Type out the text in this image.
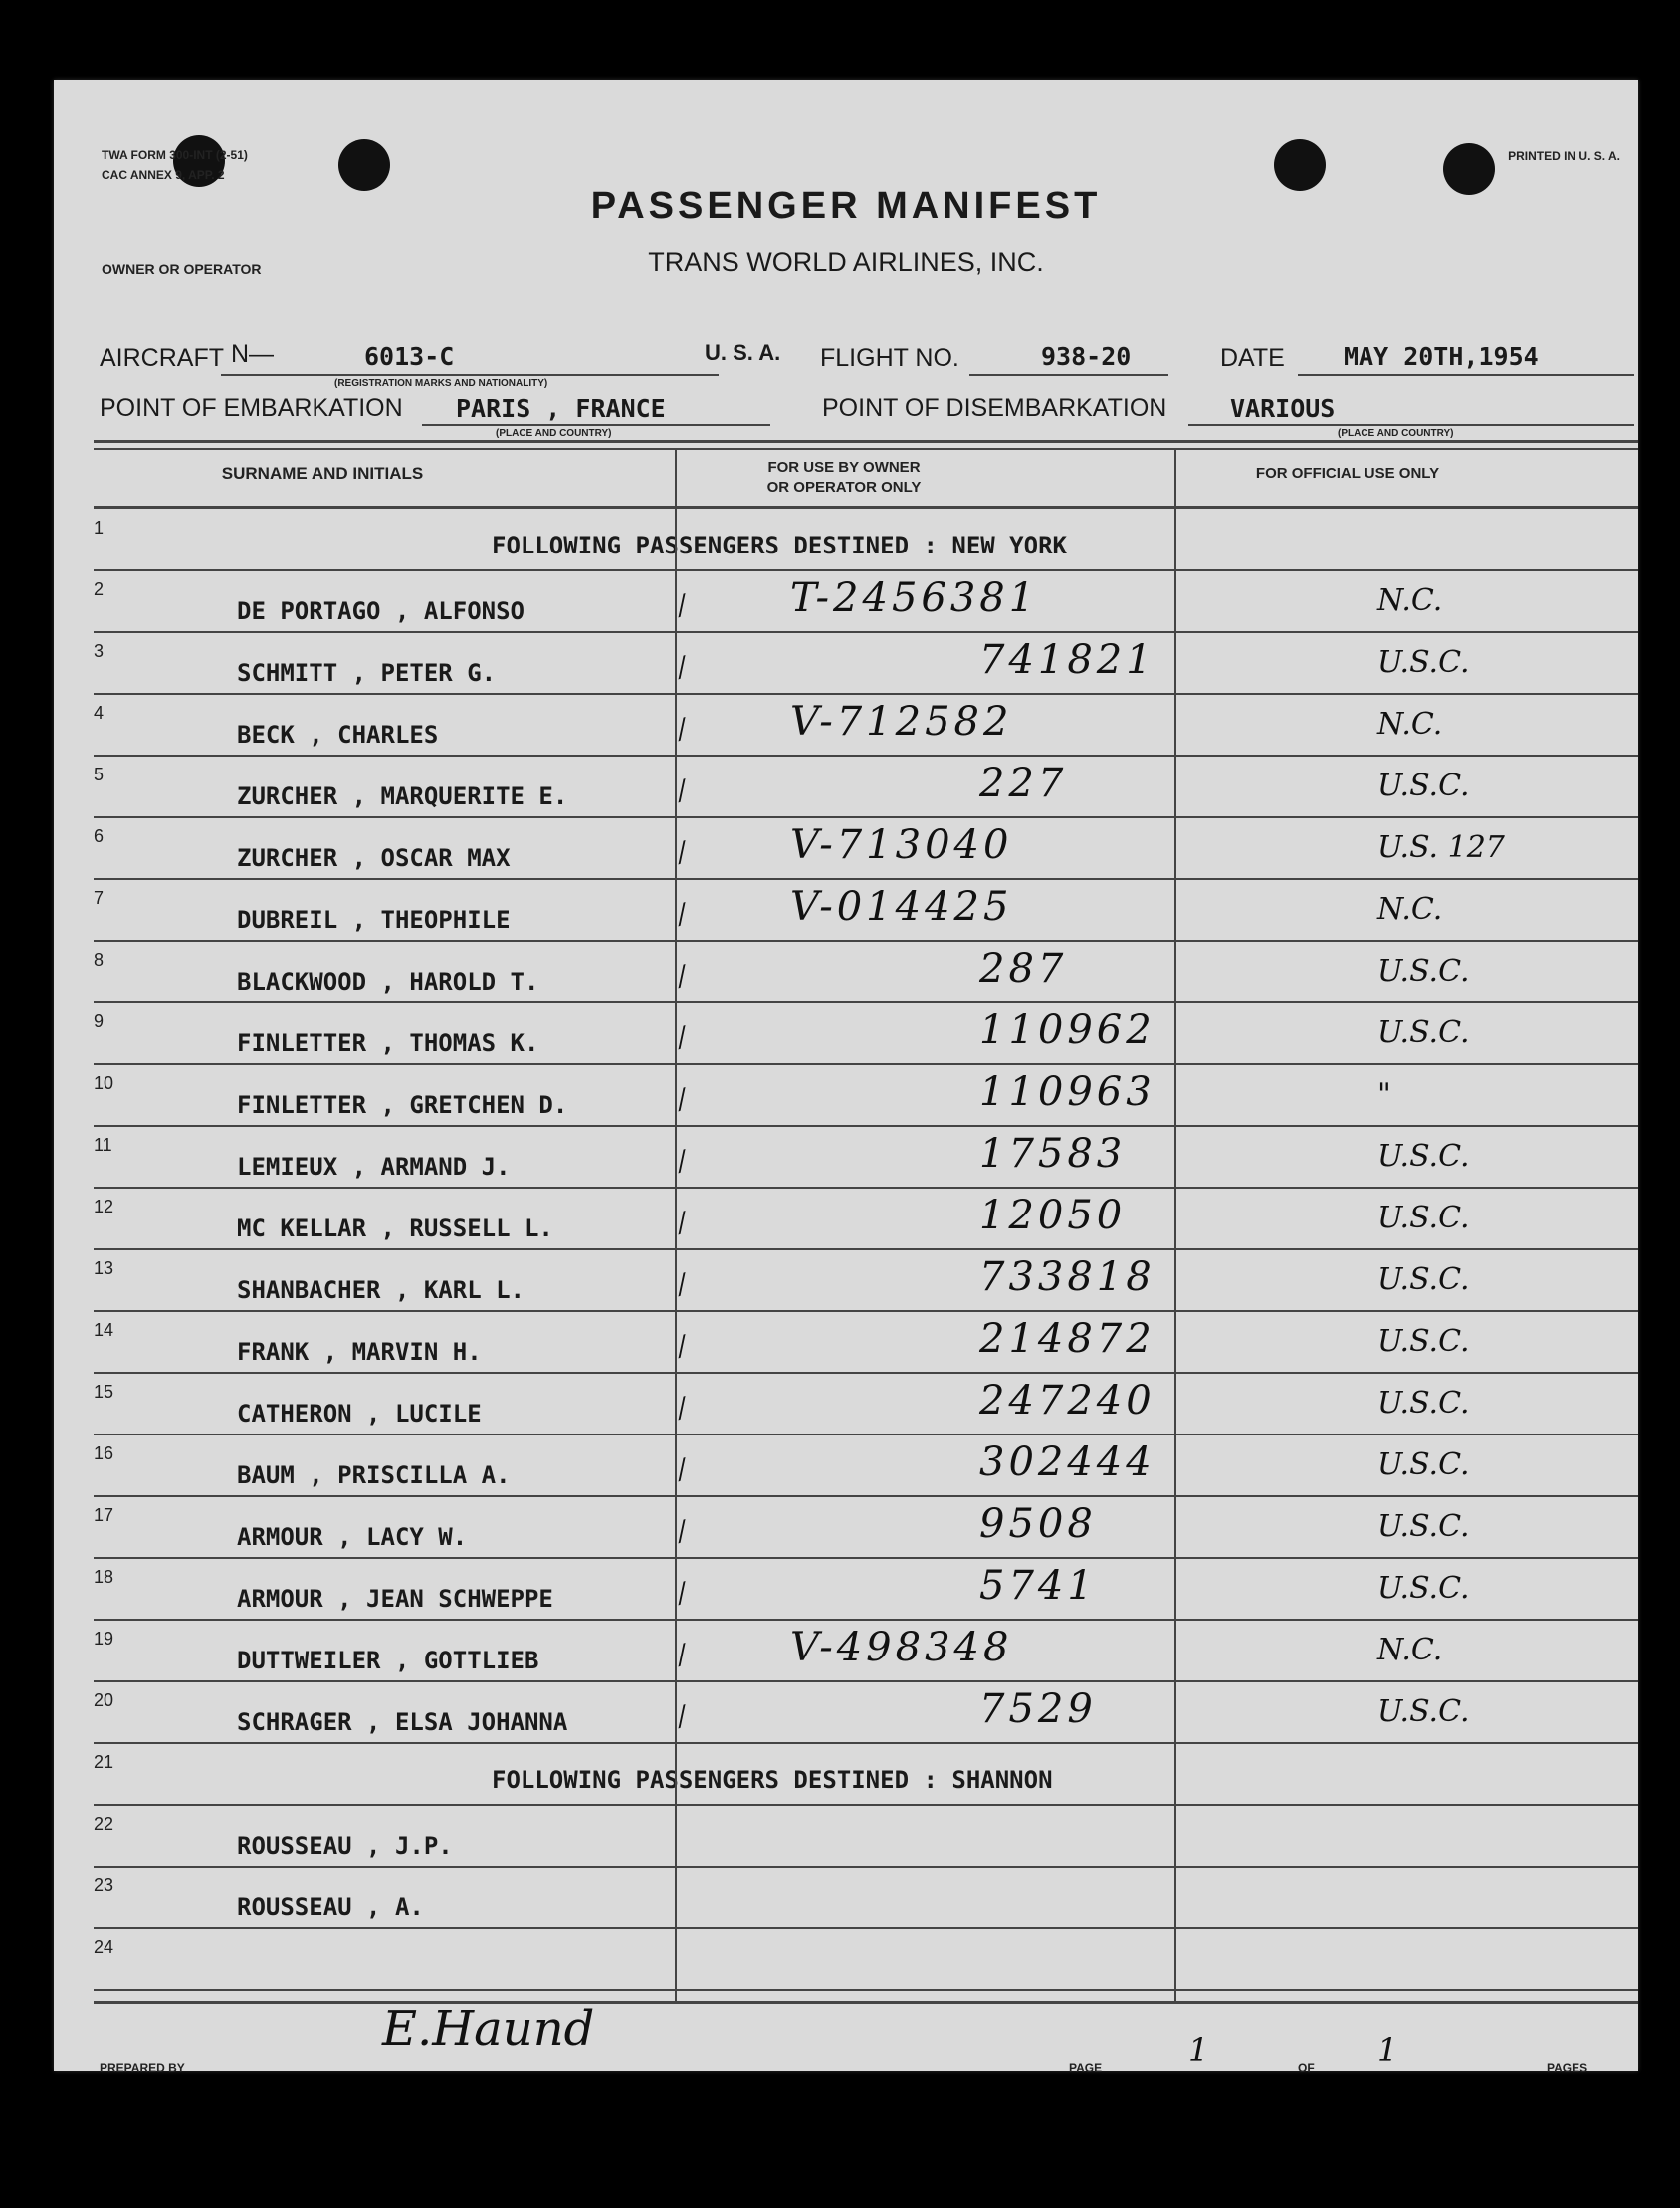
TWA FORM 300-INT (2-51)
CAC ANNEX 9, APP. 2
PRINTED IN U. S. A.
OWNER OR OPERATOR
PASSENGER MANIFEST
TRANS WORLD AIRLINES, INC.
AIRCRAFT N—	6013-C
(REGISTRATION MARKS AND NATIONALITY)
U. S. A. FLIGHT NO.	938-20	DATE MAY 20TH,1954
POINT OF EMBARKATION PARIS , FRANCE
(PLACE AND COUNTRY)
POINT OF DISEMBARKATION	VARIOUS
(PLACE AND COUNTRY)
SURNAME AND INITIALS	FOR USE BY OWNER
OR OPERATOR ONLY
FOR OFFICIAL USE ONLY
1
FOLLOWING PASSENGERS DESTINED : NEW YORK
2
DE PORTAGO , ALFONSO	∕ T-2456381	N.C.
3
SCHMITT , PETER G.	∕	741821	U.S.C.
4
BECK , CHARLES	∕ V-712582	N.C.
5
ZURCHER , MARQUERITE E.	∕	227	U.S.C.
6
ZURCHER , OSCAR MAX	∕ V-713040	U.S. 127
7
DUBREIL , THEOPHILE	∕ V-014425	N.C.
8
BLACKWOOD , HAROLD T.	∕	287	U.S.C.
9
FINLETTER , THOMAS K.	∕	110962	U.S.C.
10
FINLETTER , GRETCHEN D.	∕	110963	"
11
LEMIEUX , ARMAND J.	∕	17583	U.S.C.
12
MC KELLAR , RUSSELL L.	∕	12050	U.S.C.
13
SHANBACHER , KARL L.	∕	733818	U.S.C.
14
FRANK , MARVIN H.	∕	214872	U.S.C.
15
CATHERON , LUCILE	∕	247240	U.S.C.
16
BAUM , PRISCILLA A.	∕	302444	U.S.C.
17
ARMOUR , LACY W.	∕	9508	U.S.C.
18
ARMOUR , JEAN SCHWEPPE	∕	5741	U.S.C.
19
DUTTWEILER , GOTTLIEB	∕ V-498348	N.C.
20
SCHRAGER , ELSA JOHANNA	∕	7529	U.S.C.
21
FOLLOWING PASSENGERS DESTINED : SHANNON
22
ROUSSEAU , J.P.
23
ROUSSEAU , A.
24
E.Haund
PREPARED BY	PAGE	1	OF 1	PAGES
